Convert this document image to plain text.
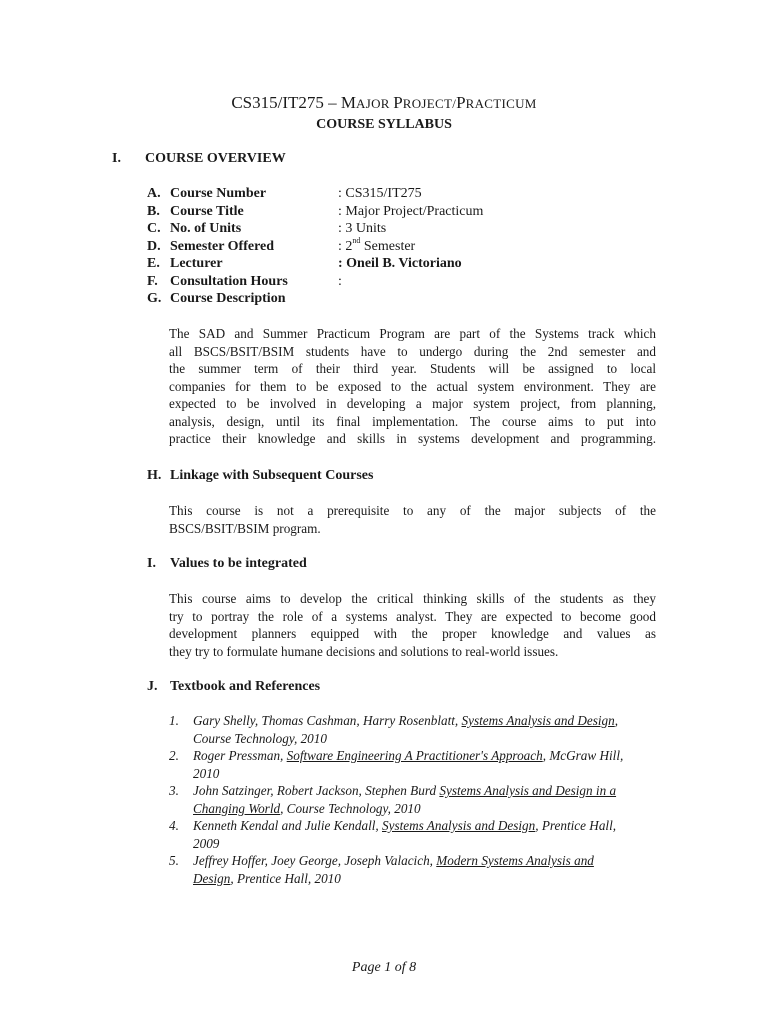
CS315/IT275 – MAJOR PROJECT/PRACTICUM
COURSE SYLLABUS
I. COURSE OVERVIEW
A. Course Number	: CS315/IT275
B. Course Title	: Major Project/Practicum
C. No. of Units	: 3 Units
D. Semester Offered	: 2nd Semester
E. Lecturer	: Oneil B. Victoriano
F. Consultation Hours	:
G. Course Description
The SAD and Summer Practicum Program are part of the Systems track which
all BSCS/BSIT/BSIM students have to undergo during the 2nd semester and
the summer term of their third year. Students will be assigned to local
companies for them to be exposed to the actual system environment. They are
expected to be involved in developing a major system project, from planning,
analysis, design, until its final implementation. The course aims to put into
practice their knowledge and skills in systems development and programming.
H. Linkage with Subsequent Courses
This course is not a prerequisite to any of the major subjects of the
BSCS/BSIT/BSIM program.
I. Values to be integrated
This course aims to develop the critical thinking skills of the students as they
try to portray the role of a systems analyst. They are expected to become good
development planners equipped with the proper knowledge and values as
they try to formulate humane decisions and solutions to real-world issues.
J. Textbook and References
1.	Gary Shelly, Thomas Cashman, Harry Rosenblatt, Systems Analysis and Design,
Course Technology, 2010
2.	Roger Pressman, Software Engineering A Practitioner's Approach, McGraw Hill,
2010
3.	John Satzinger, Robert Jackson, Stephen Burd Systems Analysis and Design in a
Changing World, Course Technology, 2010
4.	Kenneth Kendal and Julie Kendall, Systems Analysis and Design, Prentice Hall,
2009
5.	Jeffrey Hoffer, Joey George, Joseph Valacich, Modern Systems Analysis and
Design, Prentice Hall, 2010
Page 1 of 8
